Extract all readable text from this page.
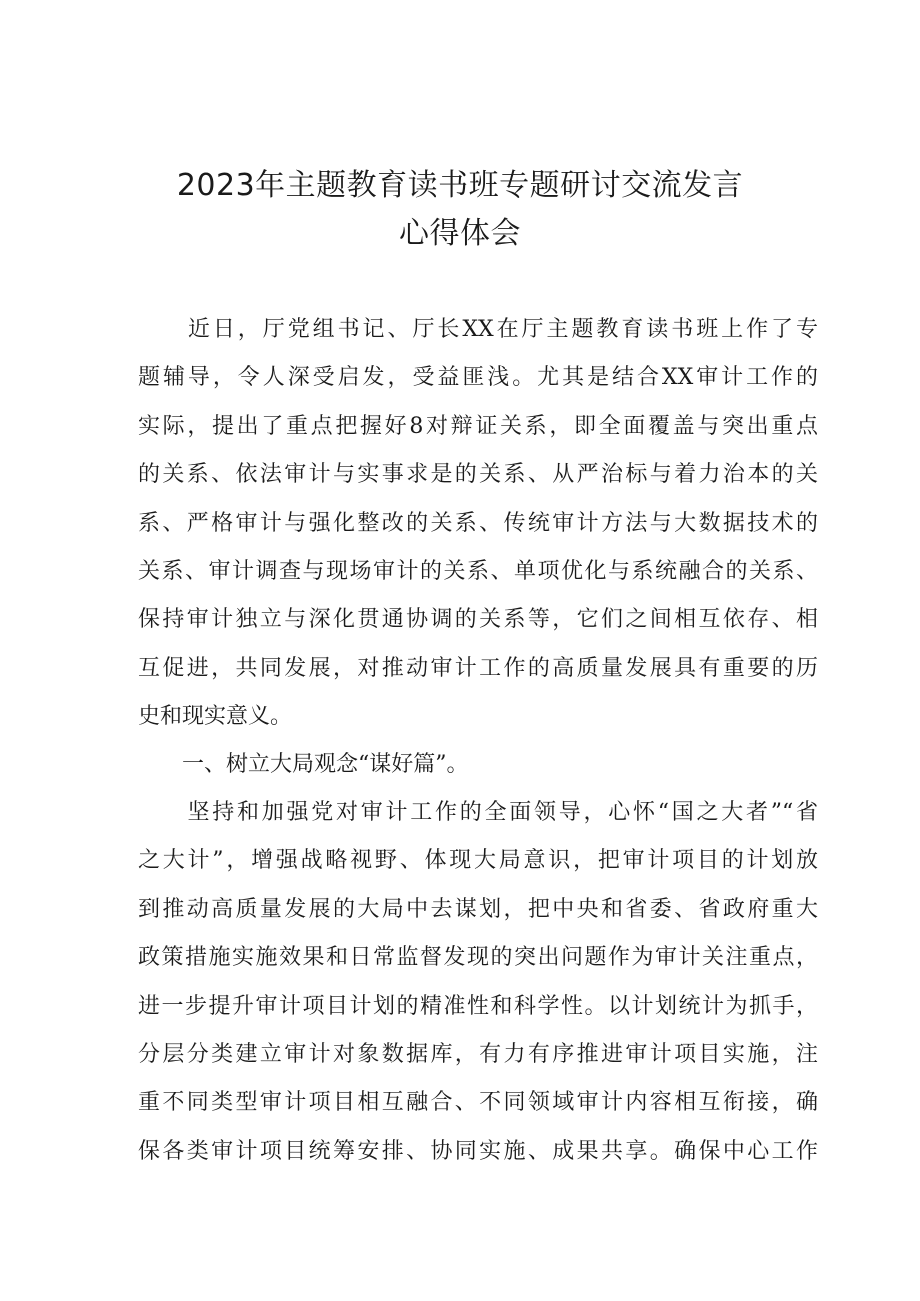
2023年主题教育读书班专题研讨交流发言
心得体会
　　近日，厅党组书记、厅长XX在厅主题教育读书班上作了专
题辅导，令人深受启发，受益匪浅。尤其是结合XX审计工作的
实际，提出了重点把握好8对辩证关系，即全面覆盖与突出重点
的关系、依法审计与实事求是的关系、从严治标与着力治本的关
系、严格审计与强化整改的关系、传统审计方法与大数据技术的
关系、审计调查与现场审计的关系、单项优化与系统融合的关系、
保持审计独立与深化贯通协调的关系等，它们之间相互依存、相
互促进，共同发展，对推动审计工作的高质量发展具有重要的历
史和现实意义。
　　一、树立大局观念“谋好篇”。
　　坚持和加强党对审计工作的全面领导，心怀“国之大者”“省
之大计”，增强战略视野、体现大局意识，把审计项目的计划放
到推动高质量发展的大局中去谋划，把中央和省委、省政府重大
政策措施实施效果和日常监督发现的突出问题作为审计关注重点，
进一步提升审计项目计划的精准性和科学性。以计划统计为抓手，
分层分类建立审计对象数据库，有力有序推进审计项目实施，注
重不同类型审计项目相互融合、不同领域审计内容相互衔接，确
保各类审计项目统筹安排、协同实施、成果共享。确保中心工作
